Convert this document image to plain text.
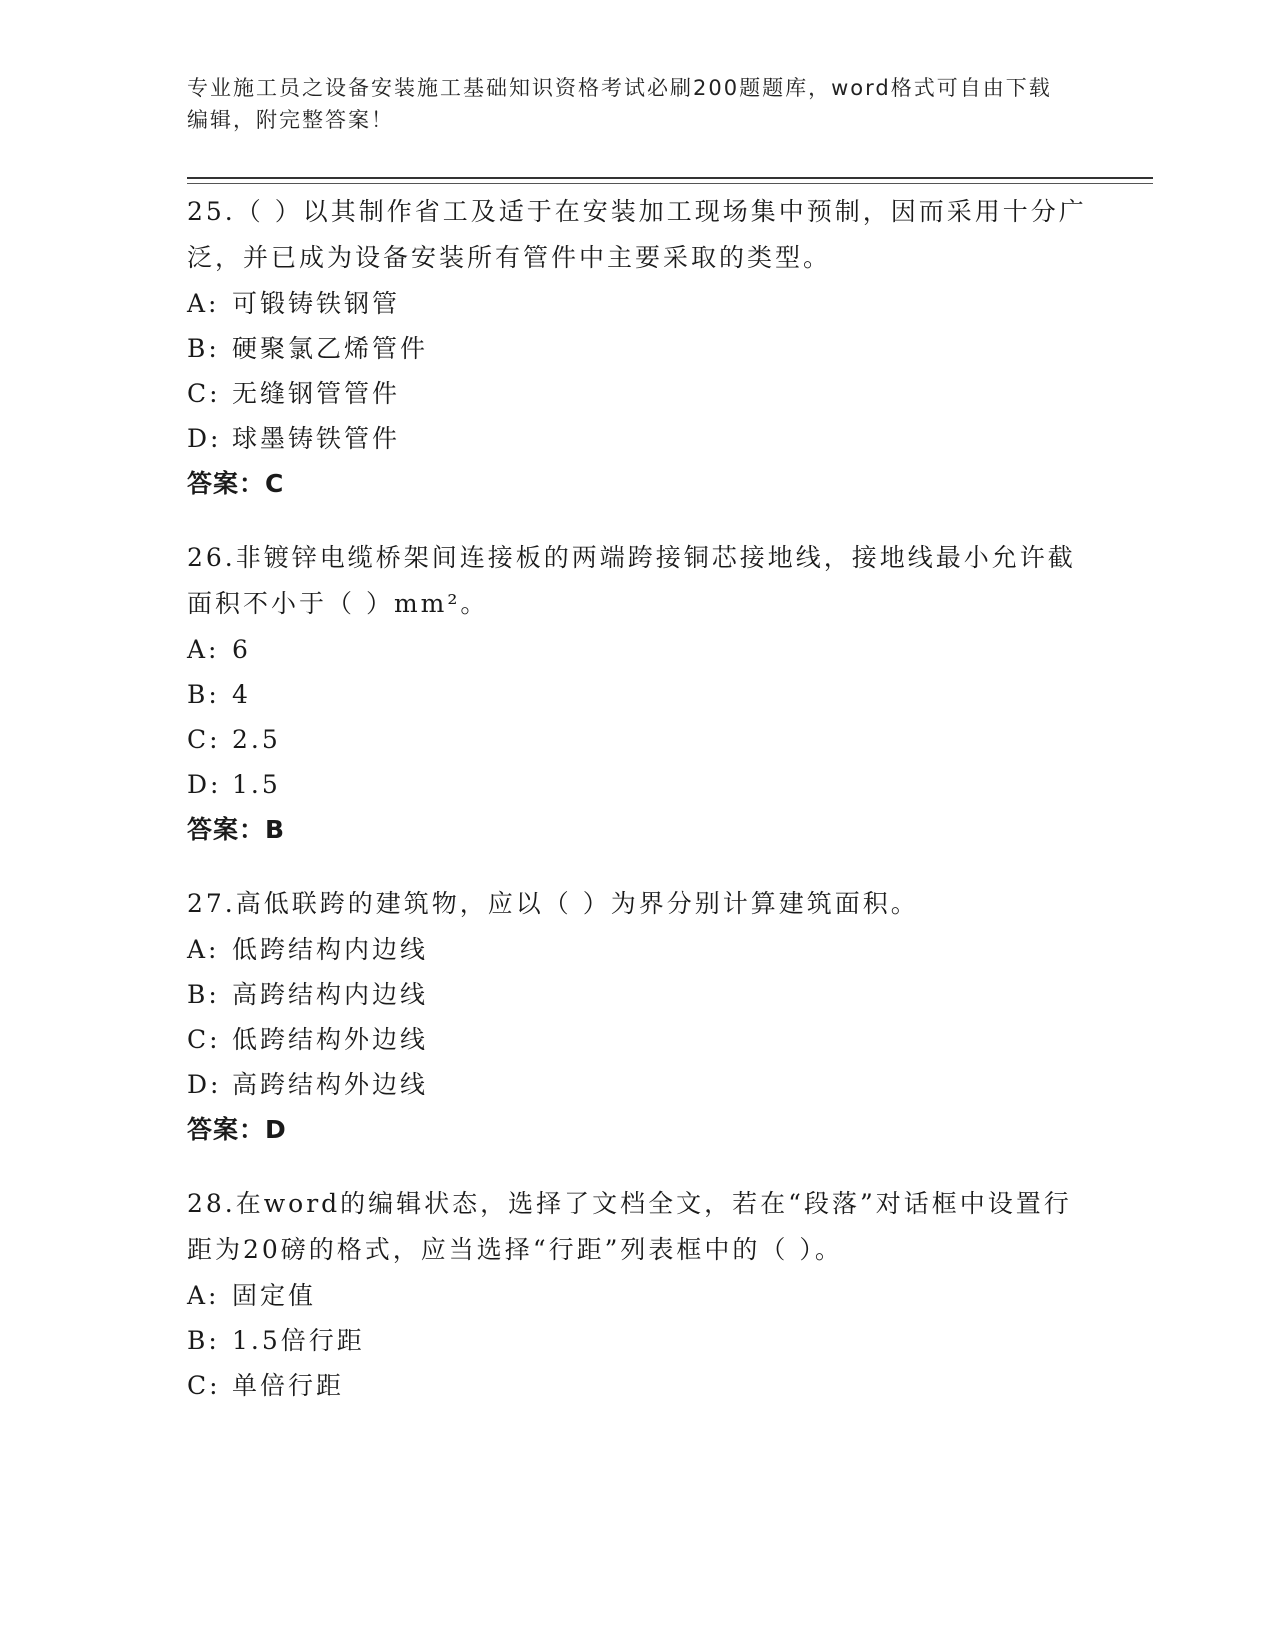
专业施工员之设备安装施工基础知识资格考试必刷200题题库，word格式可自由下载编辑，附完整答案！
25.（ ）以其制作省工及适于在安装加工现场集中预制，因而采用十分广泛，并已成为设备安装所有管件中主要采取的类型。
A: 可锻铸铁钢管
B: 硬聚氯乙烯管件
C: 无缝钢管管件
D: 球墨铸铁管件
答案：C
26.非镀锌电缆桥架间连接板的两端跨接铜芯接地线，接地线最小允许截面积不小于（ ）mm²。
A: 6
B: 4
C: 2.5
D: 1.5
答案：B
27.高低联跨的建筑物，应以（ ）为界分别计算建筑面积。
A: 低跨结构内边线
B: 高跨结构内边线
C: 低跨结构外边线
D: 高跨结构外边线
答案：D
28.在word的编辑状态，选择了文档全文，若在“段落”对话框中设置行距为20磅的格式，应当选择“行距”列表框中的（ ）。
A: 固定值
B: 1.5倍行距
C: 单倍行距
